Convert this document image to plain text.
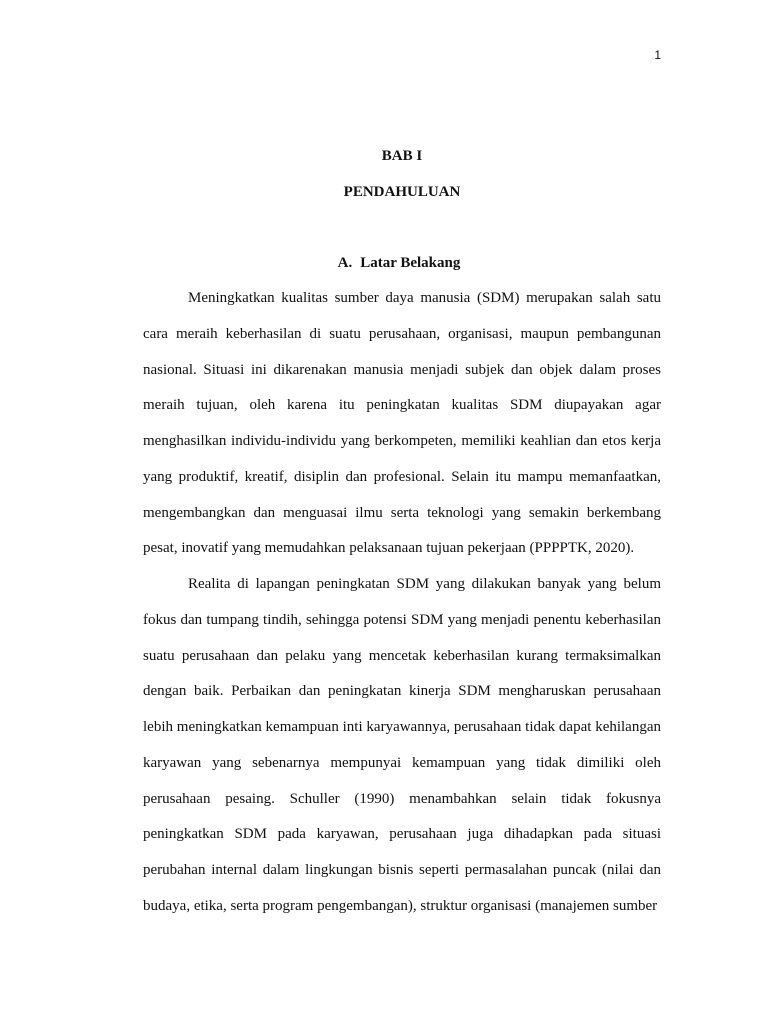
1
BAB I
PENDAHULUAN
A. Latar Belakang

Meningkatkan kualitas sumber daya manusia (SDM) merupakan salah satu cara meraih keberhasilan di suatu perusahaan, organisasi, maupun pembangunan nasional. Situasi ini dikarenakan manusia menjadi subjek dan objek dalam proses meraih tujuan, oleh karena itu peningkatan kualitas SDM diupayakan agar menghasilkan individu-individu yang berkompeten, memiliki keahlian dan etos kerja yang produktif, kreatif, disiplin dan profesional. Selain itu mampu memanfaatkan, mengembangkan dan menguasai ilmu serta teknologi yang semakin berkembang pesat, inovatif yang memudahkan pelaksanaan tujuan pekerjaan (PPPPTK, 2020).

Realita di lapangan peningkatan SDM yang dilakukan banyak yang belum fokus dan tumpang tindih, sehingga potensi SDM yang menjadi penentu keberhasilan suatu perusahaan dan pelaku yang mencetak keberhasilan kurang termaksimalkan dengan baik. Perbaikan dan peningkatan kinerja SDM mengharuskan perusahaan lebih meningkatkan kemampuan inti karyawannya, perusahaan tidak dapat kehilangan karyawan yang sebenarnya mempunyai kemampuan yang tidak dimiliki oleh perusahaan pesaing. Schuller (1990) menambahkan selain tidak fokusnya peningkatkan SDM pada karyawan, perusahaan juga dihadapkan pada situasi perubahan internal dalam lingkungan bisnis seperti permasalahan puncak (nilai dan budaya, etika, serta program pengembangan), struktur organisasi (manajemen sumber
